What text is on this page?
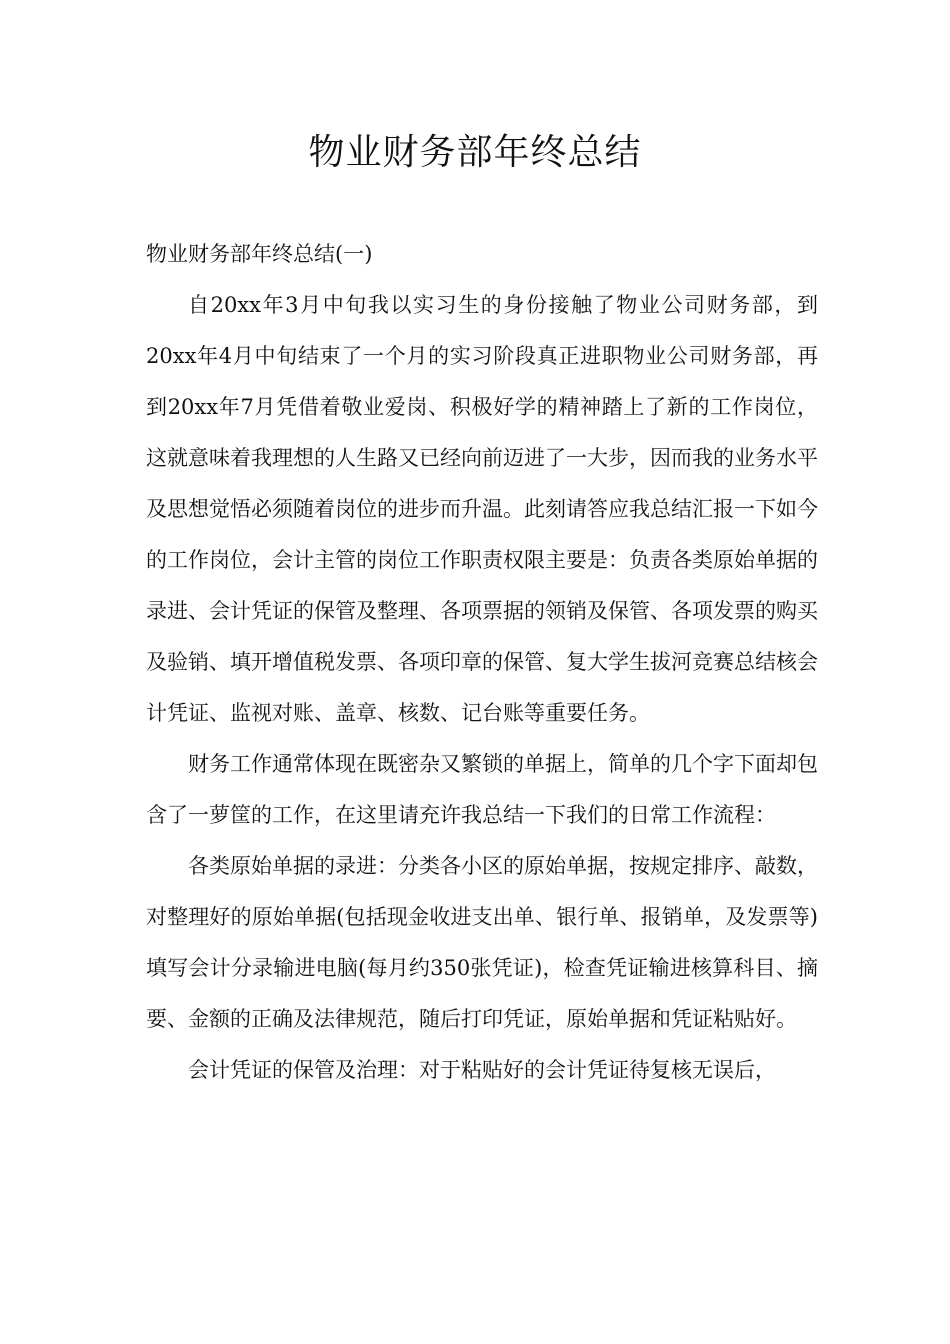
物业财务部年终总结

物业财务部年终总结(一)

自20xx年3月中旬我以实习生的身份接触了物业公司财务部，到20xx年4月中旬结束了一个月的实习阶段真正进职物业公司财务部，再到20xx年7月凭借着敬业爱岗、积极好学的精神踏上了新的工作岗位，这就意味着我理想的人生路又已经向前迈进了一大步，因而我的业务水平及思想觉悟必须随着岗位的进步而升温。此刻请答应我总结汇报一下如今的工作岗位，会计主管的岗位工作职责权限主要是：负责各类原始单据的录进、会计凭证的保管及整理、各项票据的领销及保管、各项发票的购买及验销、填开增值税发票、各项印章的保管、复大学生拔河竞赛总结核会计凭证、监视对账、盖章、核数、记台账等重要任务。

财务工作通常体现在既密杂又繁锁的单据上，简单的几个字下面却包含了一萝筐的工作，在这里请充许我总结一下我们的日常工作流程：

各类原始单据的录进：分类各小区的原始单据，按规定排序、敲数，对整理好的原始单据(包括现金收进支出单、银行单、报销单，及发票等)填写会计分录输进电脑(每月约350张凭证)，检查凭证输进核算科目、摘要、金额的正确及法律规范，随后打印凭证，原始单据和凭证粘贴好。

会计凭证的保管及治理：对于粘贴好的会计凭证待复核无误后，
